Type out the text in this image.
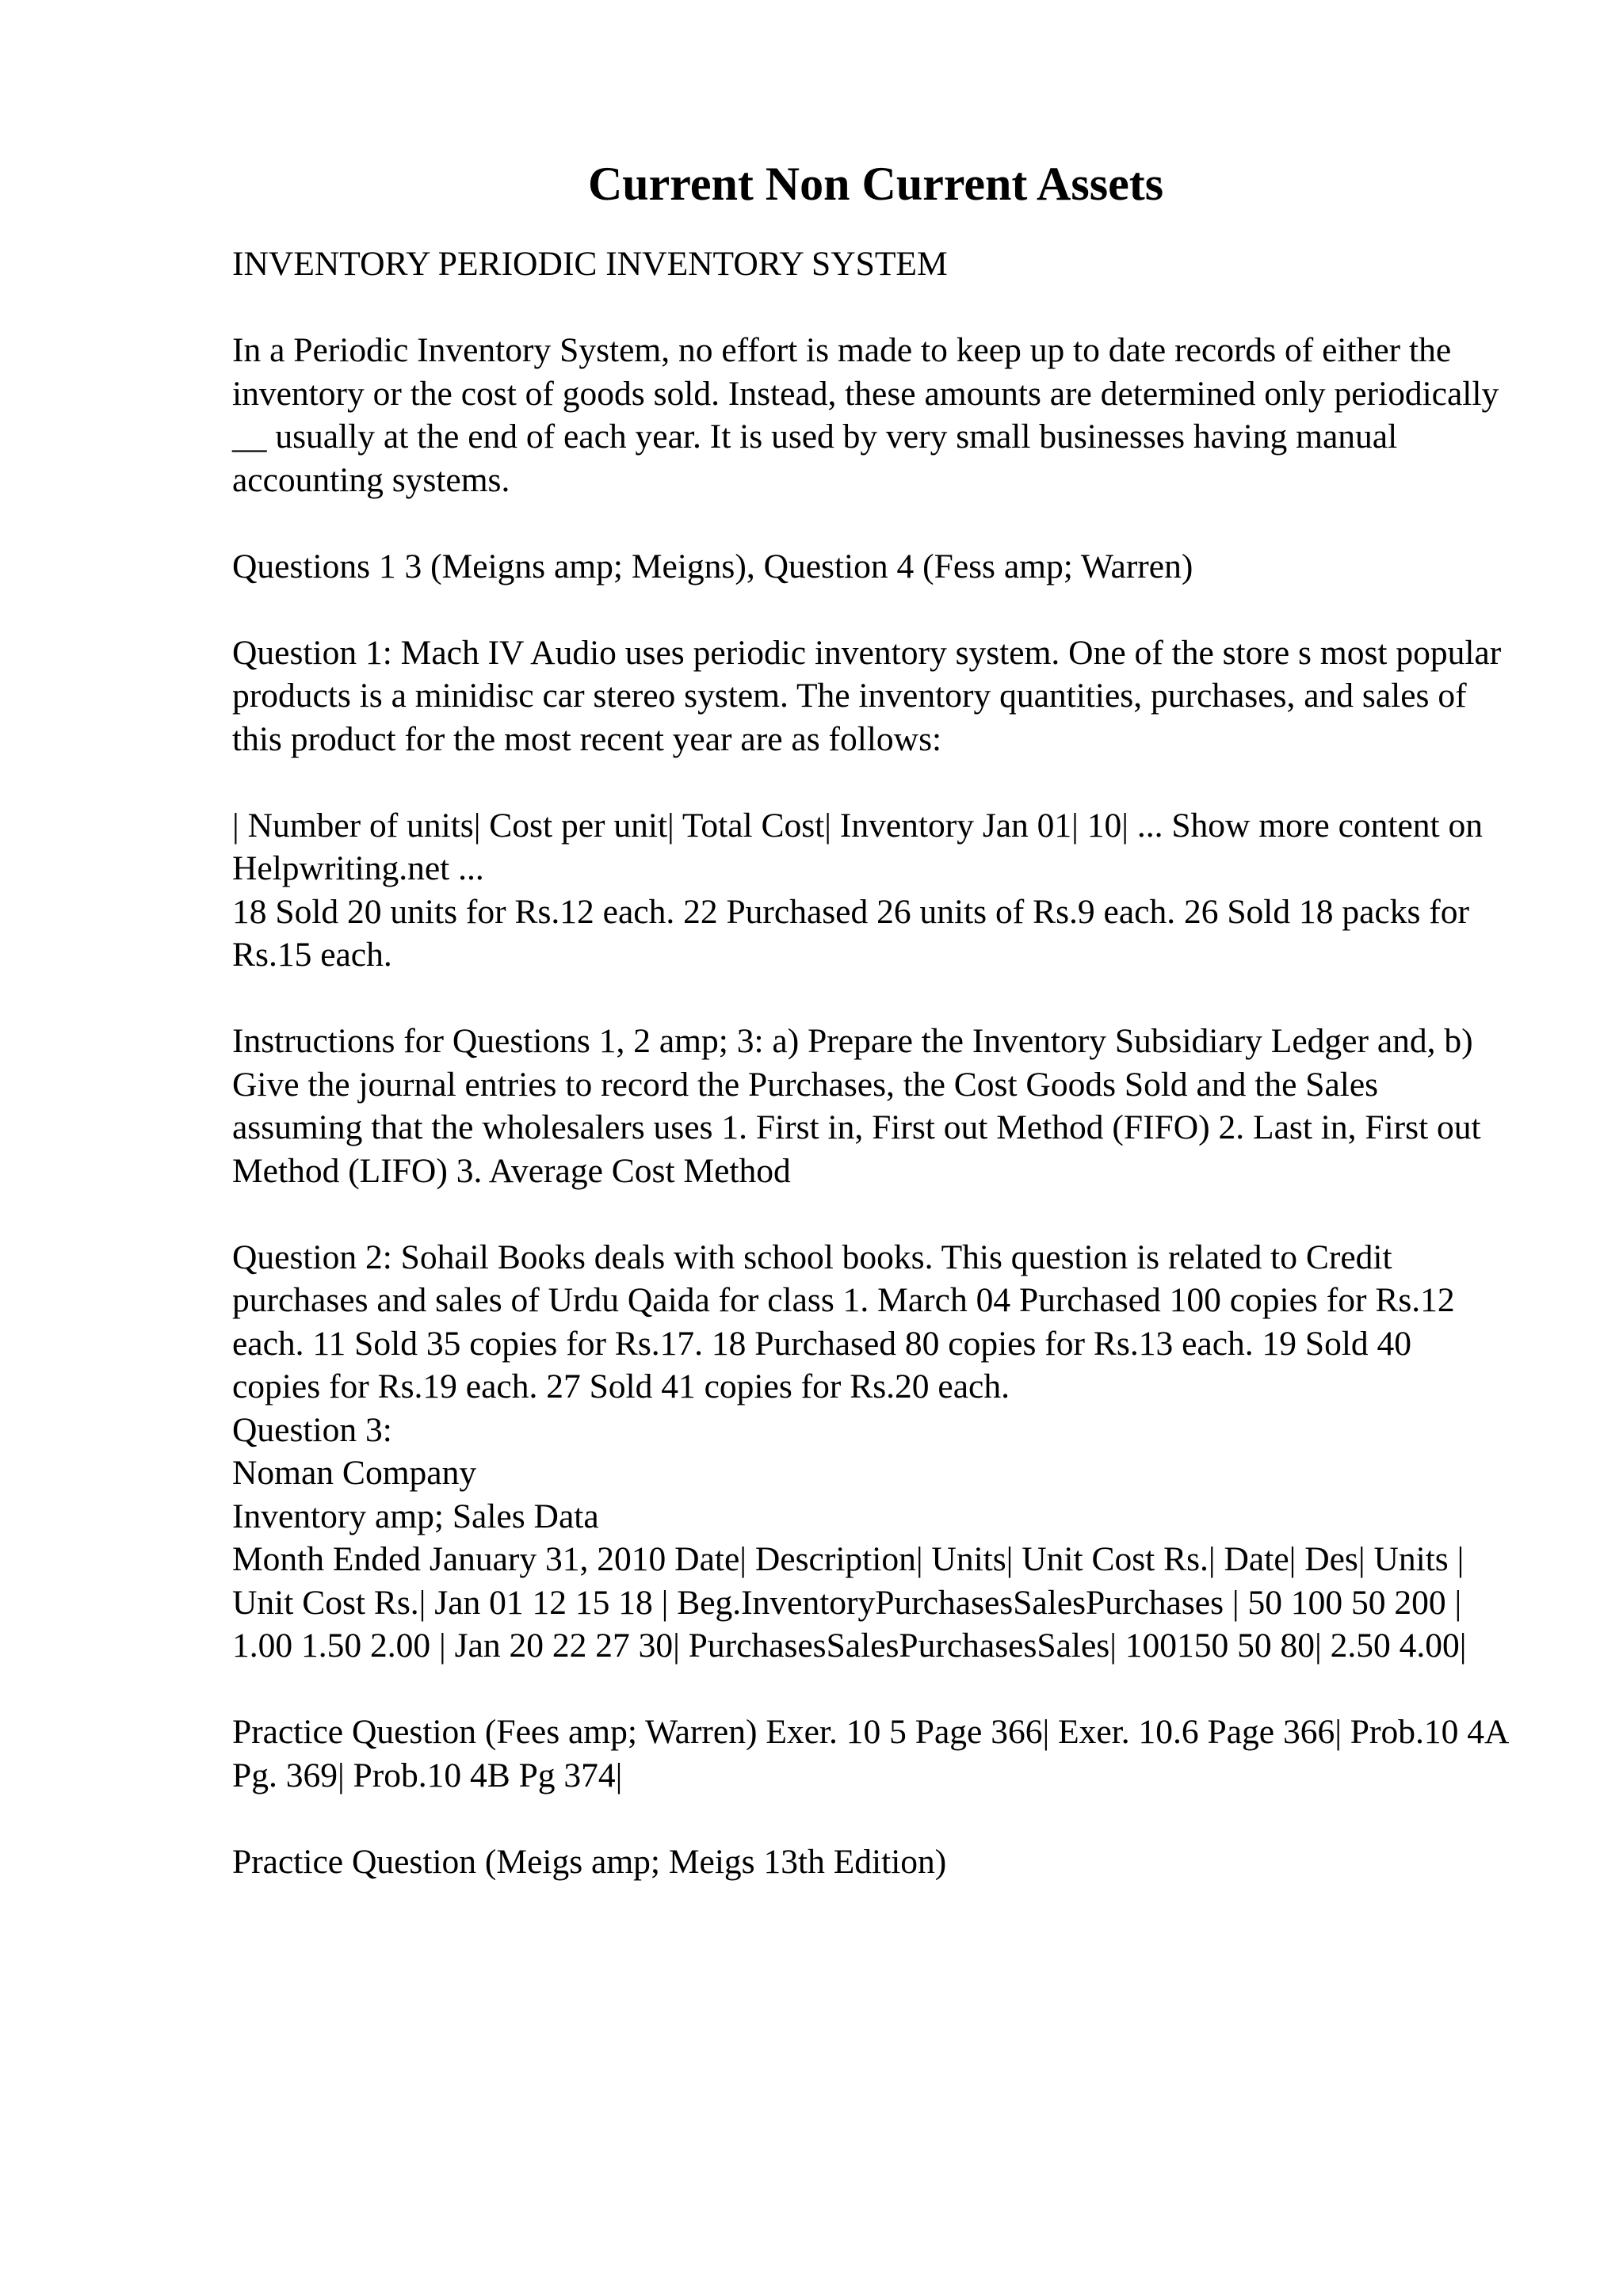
Current Non Current Assets

INVENTORY PERIODIC INVENTORY SYSTEM

In a Periodic Inventory System, no effort is made to keep up to date records of either the inventory or the cost of goods sold. Instead, these amounts are determined only periodically __ usually at the end of each year. It is used by very small businesses having manual accounting systems.

Questions 1 3 (Meigns amp; Meigns), Question 4 (Fess amp; Warren)

Question 1: Mach IV Audio uses periodic inventory system. One of the store s most popular products is a minidisc car stereo system. The inventory quantities, purchases, and sales of this product for the most recent year are as follows:

| Number of units| Cost per unit| Total Cost| Inventory Jan 01| 10| ... Show more content on Helpwriting.net ...

18 Sold 20 units for Rs.12 each. 22 Purchased 26 units of Rs.9 each. 26 Sold 18 packs for Rs.15 each.

Instructions for Questions 1, 2 amp; 3: a) Prepare the Inventory Subsidiary Ledger and, b) Give the journal entries to record the Purchases, the Cost Goods Sold and the Sales assuming that the wholesalers uses 1. First in, First out Method (FIFO) 2. Last in, First out Method (LIFO) 3. Average Cost Method

Question 2: Sohail Books deals with school books. This question is related to Credit purchases and sales of Urdu Qaida for class 1. March 04 Purchased 100 copies for Rs.12 each. 11 Sold 35 copies for Rs.17. 18 Purchased 80 copies for Rs.13 each. 19 Sold 40 copies for Rs.19 each. 27 Sold 41 copies for Rs.20 each.

Question 3:

Noman Company

Inventory amp; Sales Data

Month Ended January 31, 2010 Date| Description| Units| Unit Cost Rs.| Date| Des| Units | Unit Cost Rs.| Jan 01 12 15 18 | Beg.InventoryPurchasesSalesPurchases | 50 100 50 200 | 1.00 1.50 2.00 | Jan 20 22 27 30| PurchasesSalesPurchasesSales| 100150 50 80| 2.50 4.00|

Practice Question (Fees amp; Warren) Exer. 10 5 Page 366| Exer. 10.6 Page 366| Prob.10 4A Pg. 369| Prob.10 4B Pg 374|

Practice Question (Meigs amp; Meigs 13th Edition)
